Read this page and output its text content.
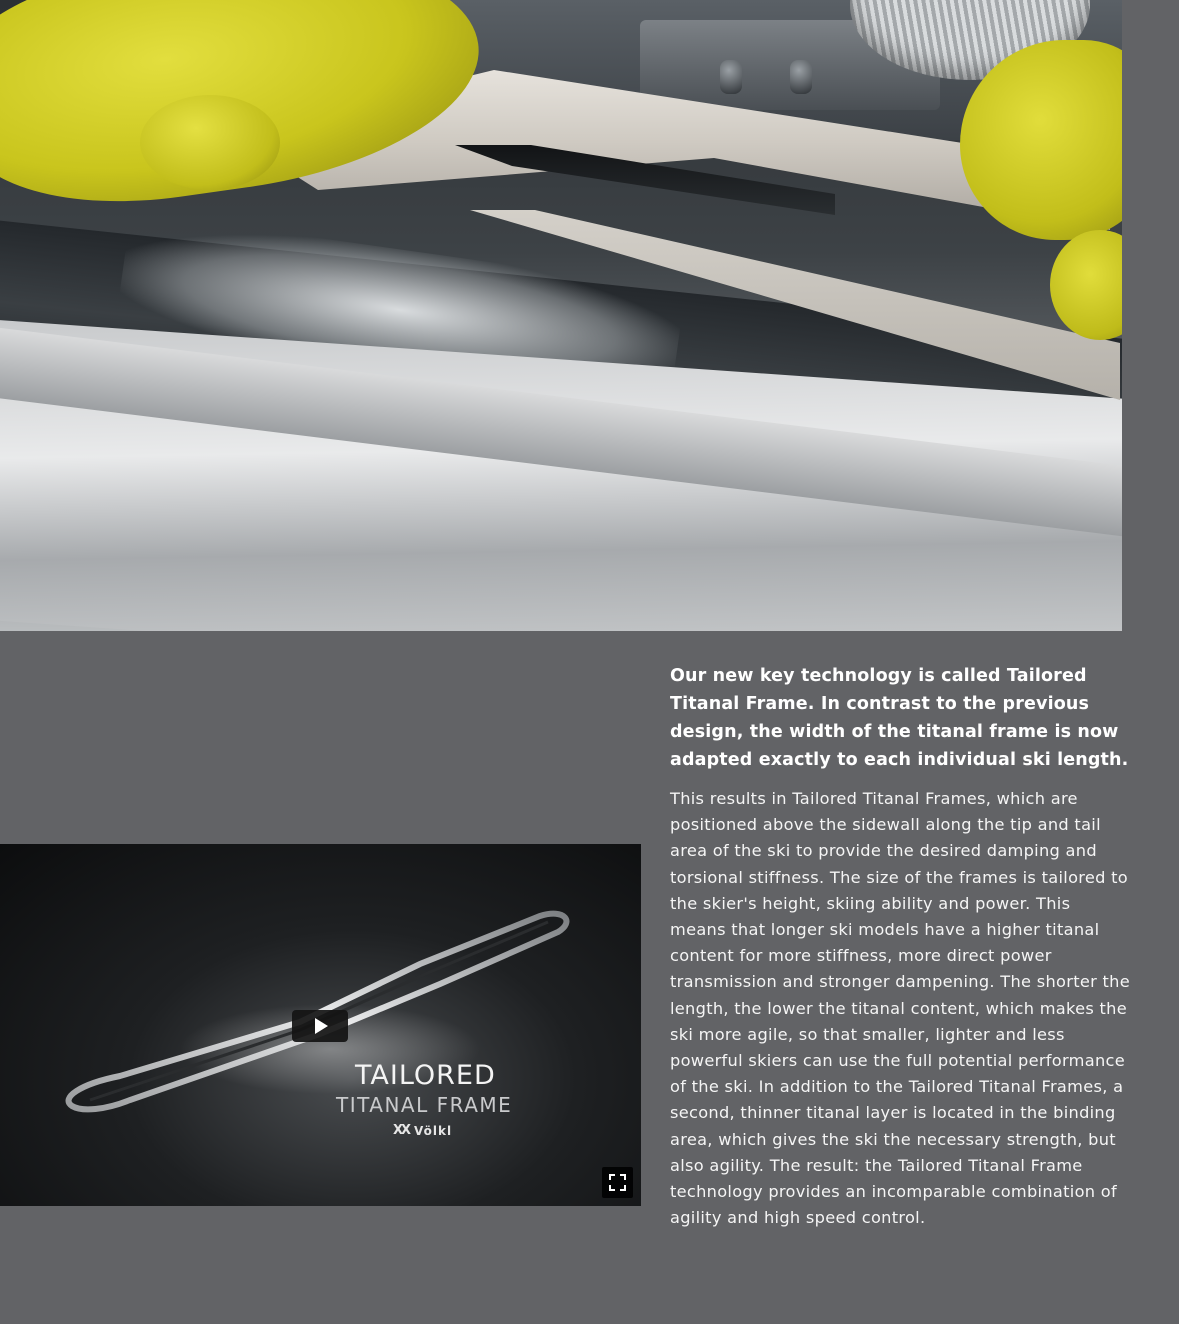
TAILORED
TITANAL FRAME
XX Völkl

Our new key technology is called Tailored Titanal Frame. In contrast to the previous design, the width of the titanal frame is now adapted exactly to each individual ski length.

This results in Tailored Titanal Frames, which are positioned above the sidewall along the tip and tail area of the ski to provide the desired damping and torsional stiffness. The size of the frames is tailored to the skier's height, skiing ability and power. This means that longer ski models have a higher titanal content for more stiffness, more direct power transmission and stronger dampening. The shorter the length, the lower the titanal content, which makes the ski more agile, so that smaller, lighter and less powerful skiers can use the full potential performance of the ski. In addition to the Tailored Titanal Frames, a second, thinner titanal layer is located in the binding area, which gives the ski the necessary strength, but also agility. The result: the Tailored Titanal Frame technology provides an incomparable combination of agility and high speed control.
